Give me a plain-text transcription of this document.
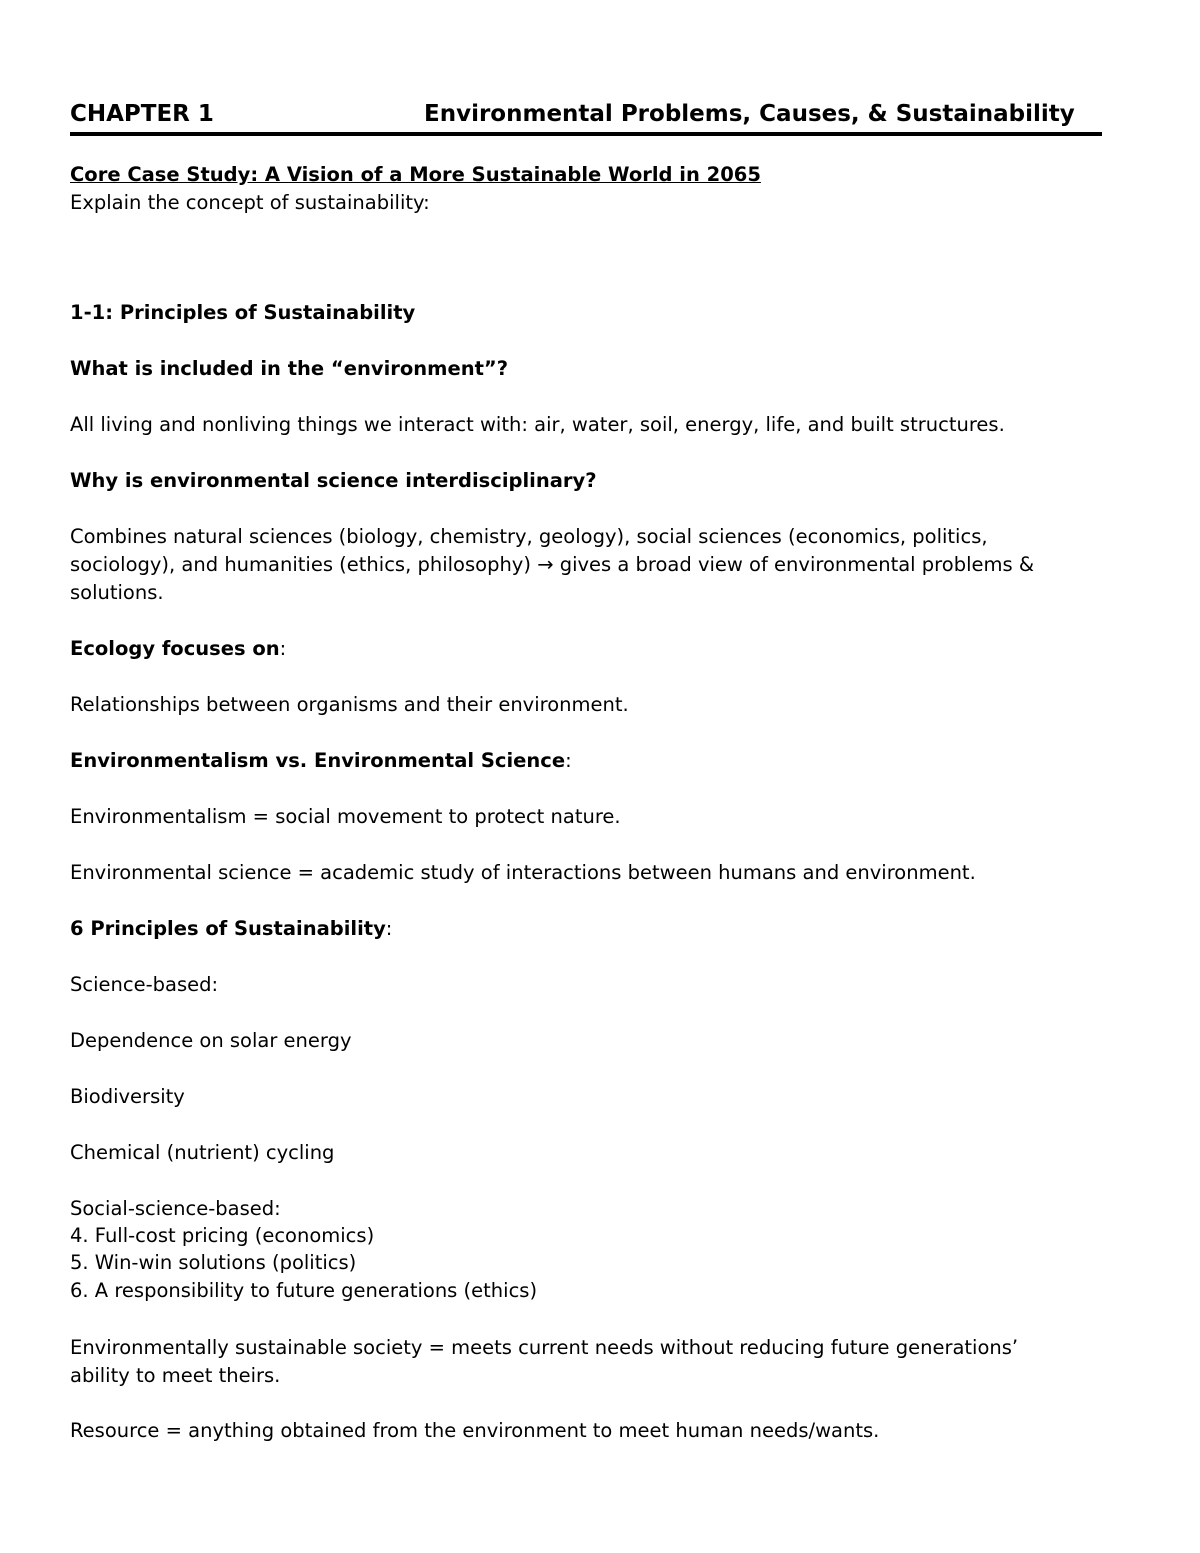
CHAPTER 1	Environmental Problems, Causes, & Sustainability
Core Case Study: A Vision of a More Sustainable World in 2065
Explain the concept of sustainability:
1-1: Principles of Sustainability
What is included in the “environment”?
All living and nonliving things we interact with: air, water, soil, energy, life, and built structures.
Why is environmental science interdisciplinary?
Combines natural sciences (biology, chemistry, geology), social sciences (economics, politics,
sociology), and humanities (ethics, philosophy) → gives a broad view of environmental problems &
solutions.
Ecology focuses on:
Relationships between organisms and their environment.
Environmentalism vs. Environmental Science:
Environmentalism = social movement to protect nature.
Environmental science = academic study of interactions between humans and environment.
6 Principles of Sustainability:
Science-based:
Dependence on solar energy
Biodiversity
Chemical (nutrient) cycling
Social-science-based:
4. Full-cost pricing (economics)
5. Win-win solutions (politics)
6. A responsibility to future generations (ethics)
Environmentally sustainable society = meets current needs without reducing future generations’
ability to meet theirs.
Resource = anything obtained from the environment to meet human needs/wants.
